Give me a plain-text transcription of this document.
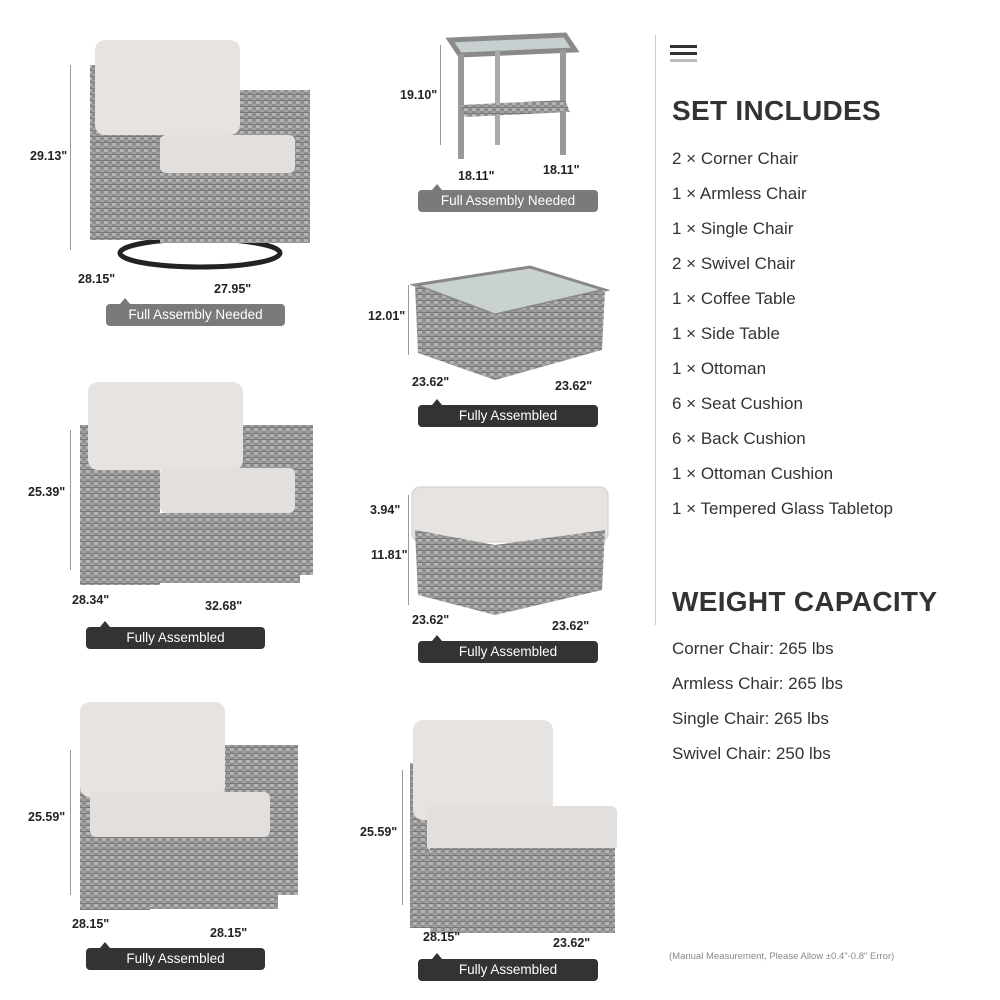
29.13"
28.15"
27.95"
Full Assembly Needed
19.10"
18.11"	18.11"
Full Assembly Needed
12.01"
23.62"	23.62"
Fully Assembled
25.39"
28.34"	32.68"
Fully Assembled
3.94"
11.81"
23.62"	23.62"
Fully Assembled
25.59"
28.15"
28.15"
Fully Assembled
25.59"
28.15"	23.62"
Fully Assembled
SET INCLUDES
2 × Corner Chair
1 × Armless Chair
1 × Single Chair
2 × Swivel Chair
1 × Coffee Table
1 × Side Table
1 × Ottoman
6 × Seat Cushion
6 × Back Cushion
1 × Ottoman Cushion
1 × Tempered Glass Tabletop
WEIGHT CAPACITY
Corner Chair: 265 lbs
Armless Chair: 265 lbs
Single Chair: 265 lbs
Swivel Chair: 250 lbs
(Manual Measurement, Please Allow ±0.4"-0.8" Error)
